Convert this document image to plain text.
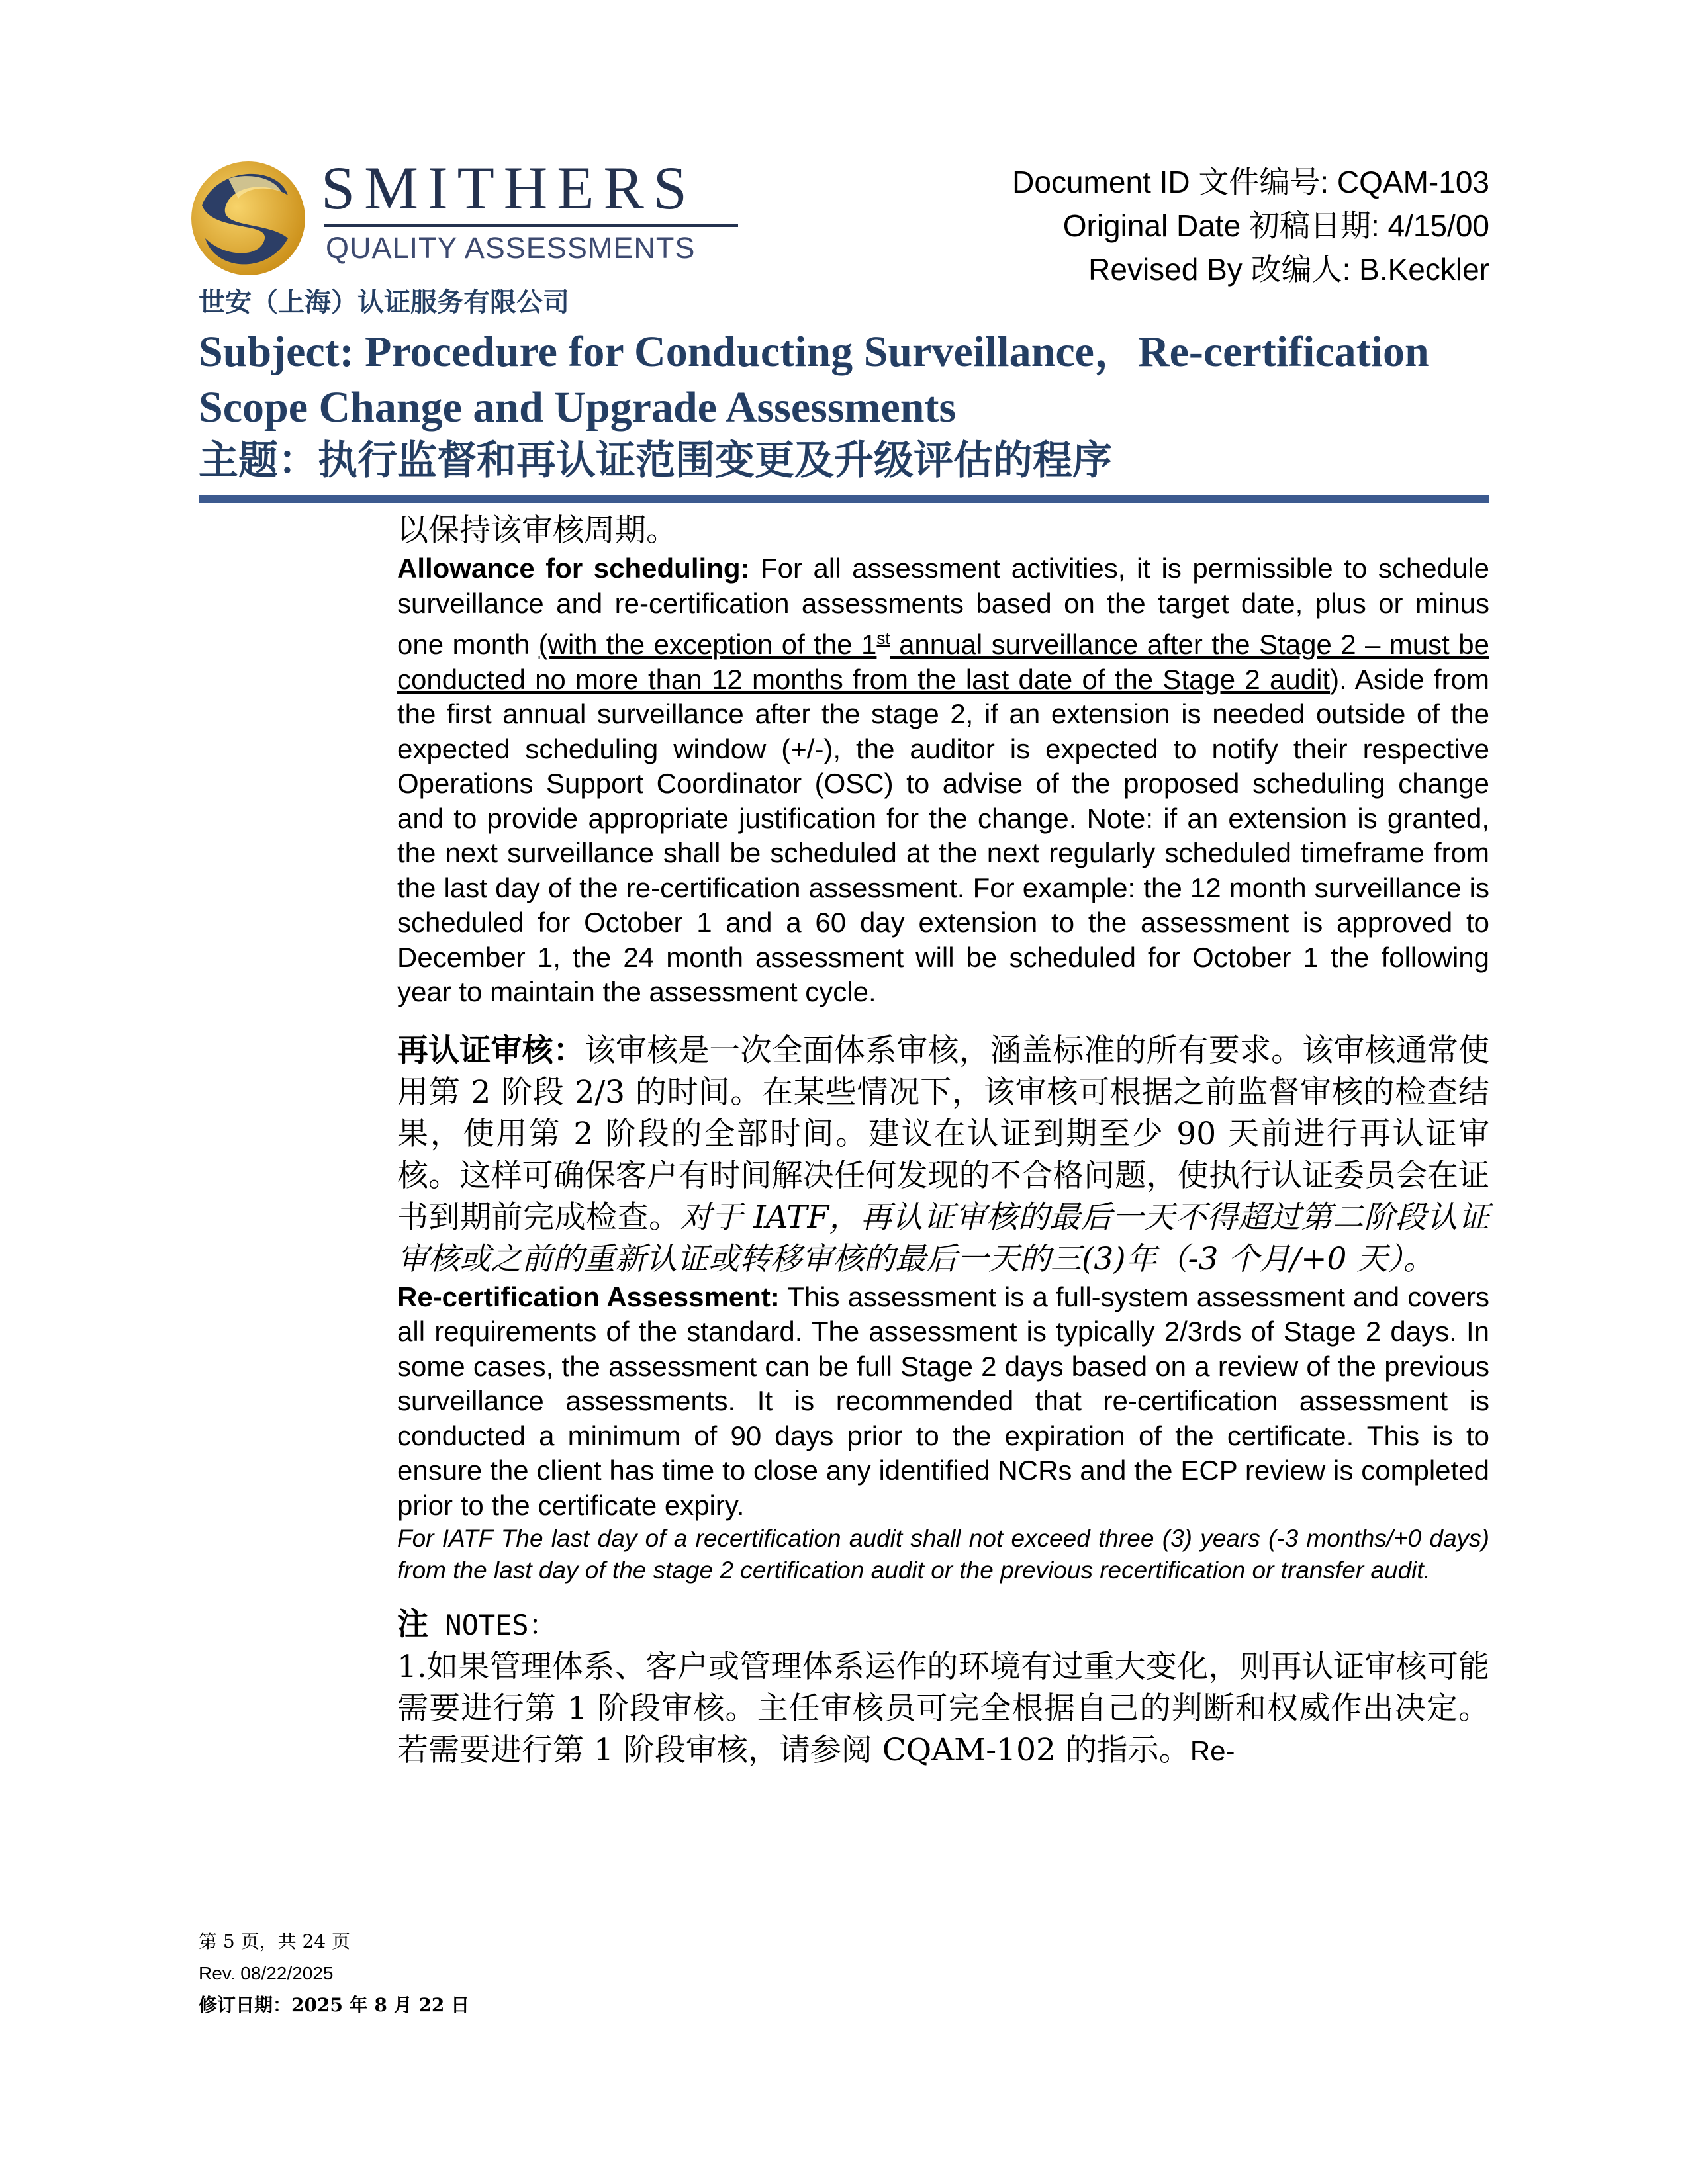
SMITHERS
QUALITY ASSESSMENTS
世安（上海）认证服务有限公司
Document ID 文件编号: CQAM-103
Original Date 初稿日期: 4/15/00
Revised By 改编人: B.Keckler
Subject: Procedure for Conducting Surveillance，Re-certification Scope Change and Upgrade Assessments
主题：执行监督和再认证范围变更及升级评估的程序

以保持该审核周期。

Allowance for scheduling: For all assessment activities, it is permissible to schedule surveillance and re-certification assessments based on the target date, plus or minus one month (with the exception of the 1st annual surveillance after the Stage 2 – must be conducted no more than 12 months from the last date of the Stage 2 audit). Aside from the first annual surveillance after the stage 2, if an extension is needed outside of the expected scheduling window (+/-), the auditor is expected to notify their respective Operations Support Coordinator (OSC) to advise of the proposed scheduling change and to provide appropriate justification for the change. Note: if an extension is granted, the next surveillance shall be scheduled at the next regularly scheduled timeframe from the last day of the re-certification assessment. For example: the 12 month surveillance is scheduled for October 1 and a 60 day extension to the assessment is approved to December 1, the 24 month assessment will be scheduled for October 1 the following year to maintain the assessment cycle.

再认证审核：该审核是一次全面体系审核，涵盖标准的所有要求。该审核通常使用第 2 阶段 2/3 的时间。在某些情况下，该审核可根据之前监督审核的检查结果，使用第 2 阶段的全部时间。建议在认证到期至少 90 天前进行再认证审核。这样可确保客户有时间解决任何发现的不合格问题，使执行认证委员会在证书到期前完成检查。对于 IATF，再认证审核的最后一天不得超过第二阶段认证审核或之前的重新认证或转移审核的最后一天的三(3)年（-3 个月/+0 天）。

Re-certification Assessment: This assessment is a full-system assessment and covers all requirements of the standard. The assessment is typically 2/3rds of Stage 2 days. In some cases, the assessment can be full Stage 2 days based on a review of the previous surveillance assessments. It is recommended that re-certification assessment is conducted a minimum of 90 days prior to the expiration of the certificate. This is to ensure the client has time to close any identified NCRs and the ECP review is completed prior to the certificate expiry.

For IATF The last day of a recertification audit shall not exceed three (3) years (-3 months/+0 days) from the last day of the stage 2 certification audit or the previous recertification or transfer audit.

注 NOTES：

1.如果管理体系、客户或管理体系运作的环境有过重大变化，则再认证审核可能需要进行第 1 阶段审核。主任审核员可完全根据自己的判断和权威作出决定。若需要进行第 1 阶段审核，请参阅 CQAM-102 的指示。Re-

第 5 页，共 24 页
Rev. 08/22/2025
修订日期：2025 年 8 月 22 日
